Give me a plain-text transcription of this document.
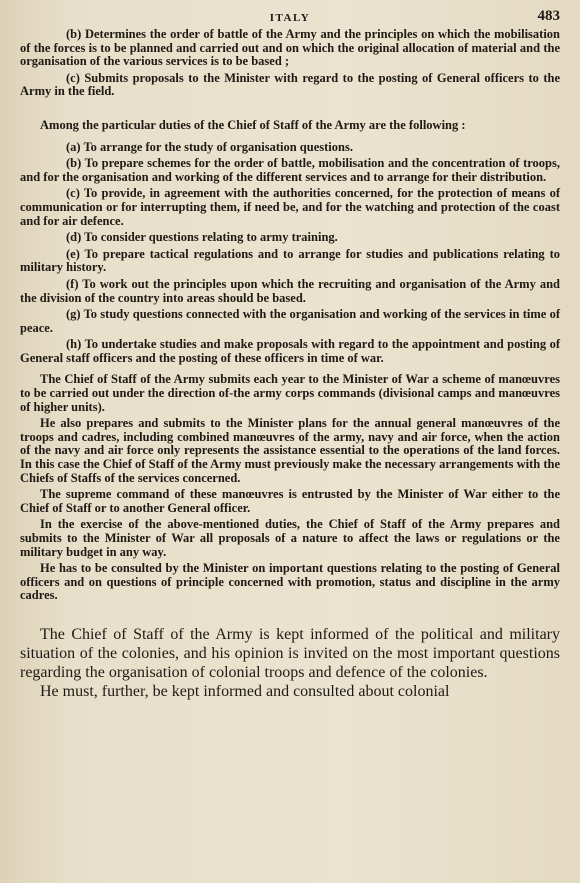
ITALY	483

(b) Determines the order of battle of the Army and the principles on which the mobilisation of the forces is to be planned and carried out and on which the original allocation of material and the organisation of the various services is to be based ;

(c) Submits proposals to the Minister with regard to the posting of General officers to the Army in the field.

Among the particular duties of the Chief of Staff of the Army are the following :

(a) To arrange for the study of organisation questions.

(b) To prepare schemes for the order of battle, mobilisation and the concentration of troops, and for the organisation and working of the different services and to arrange for their distribution.

(c) To provide, in agreement with the authorities concerned, for the protection of means of communication or for interrupting them, if need be, and for the watching and protection of the coast and for air defence.

(d) To consider questions relating to army training.

(e) To prepare tactical regulations and to arrange for studies and publications relating to military history.

(f) To work out the principles upon which the recruiting and organisation of the Army and the division of the country into areas should be based.

(g) To study questions connected with the organisation and working of the services in time of peace.

(h) To undertake studies and make proposals with regard to the appointment and posting of General staff officers and the posting of these officers in time of war.

The Chief of Staff of the Army submits each year to the Minister of War a scheme of manœuvres to be carried out under the direction of-the army corps commands (divisional camps and manœuvres of higher units).

He also prepares and submits to the Minister plans for the annual general manœuvres of the troops and cadres, including combined manœuvres of the army, navy and air force, when the action of the navy and air force only represents the assistance essential to the operations of the land forces. In this case the Chief of Staff of the Army must previously make the necessary arrangements with the Chiefs of Staffs of the services concerned.

The supreme command of these manœuvres is entrusted by the Minister of War either to the Chief of Staff or to another General officer.

In the exercise of the above-mentioned duties, the Chief of Staff of the Army prepares and submits to the Minister of War all proposals of a nature to affect the laws or regulations or the military budget in any way.

He has to be consulted by the Minister on important questions relating to the posting of General officers and on questions of principle concerned with promotion, status and discipline in the army cadres.

The Chief of Staff of the Army is kept informed of the political and military situation of the colonies, and his opinion is invited on the most important questions regarding the organisation of colonial troops and defence of the colonies.

He must, further, be kept informed and consulted about colonial
